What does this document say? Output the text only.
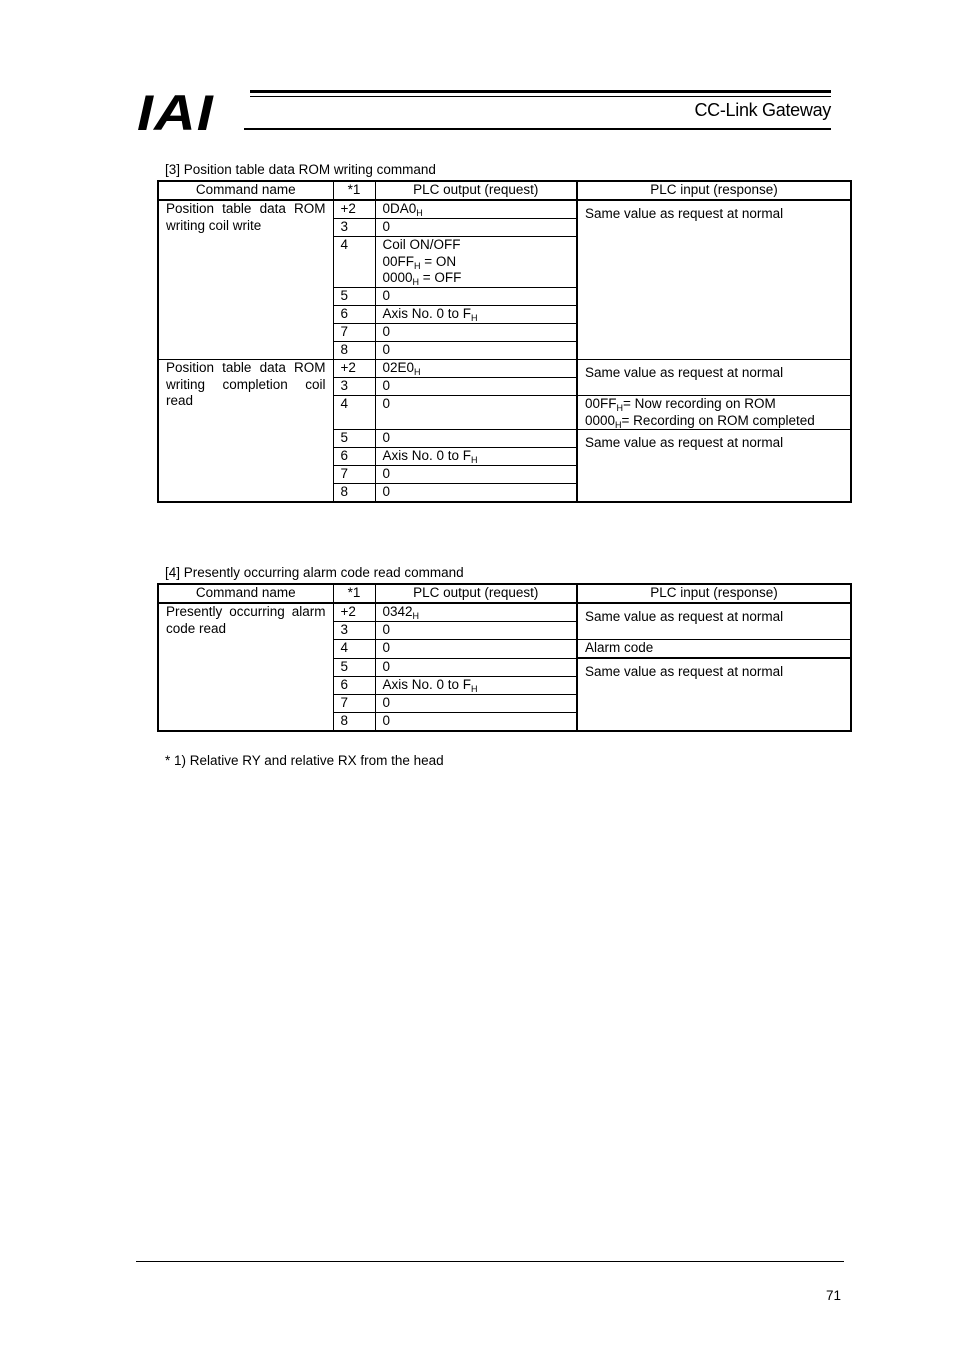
IAI	CC-Link Gateway
[3] Position table data ROM writing command
Command name	*1	PLC output (request)	PLC input (response)
Position table data ROM writing coil write	+2	$0DA0_H$	Same value as request at normal
	3	0	
	4	Coil ON/OFF
$00FF_H$ = ON
$0000_H$ = OFF	

	5	0	
	6	Axis No. 0 to $F_H$
	7	0	
	8	0	
Position table data ROM writing completion coil read	+2	$02E0_H$	Same value as request at normal
	3	0	
	4	0	$00FF_H=$ Now recording on ROM
$0000_H=$ Recording on ROM completed

	5	0	Same value as request at normal
	6	Axis No. 0 to $F_H$
	7	0	
	8	0	
[4] Presently occurring alarm code read command
Command name	*1	PLC output (request)	PLC input (response)
Presently occurring alarm code read	+2	$0342_H$	Same value as request at normal
	3	0	
	4	0	Alarm code
	5	0	Same value as request at normal
	6	Axis No. 0 to $F_H$
	7	0	
	8	0	
* 1) Relative RY and relative RX from the head
71
